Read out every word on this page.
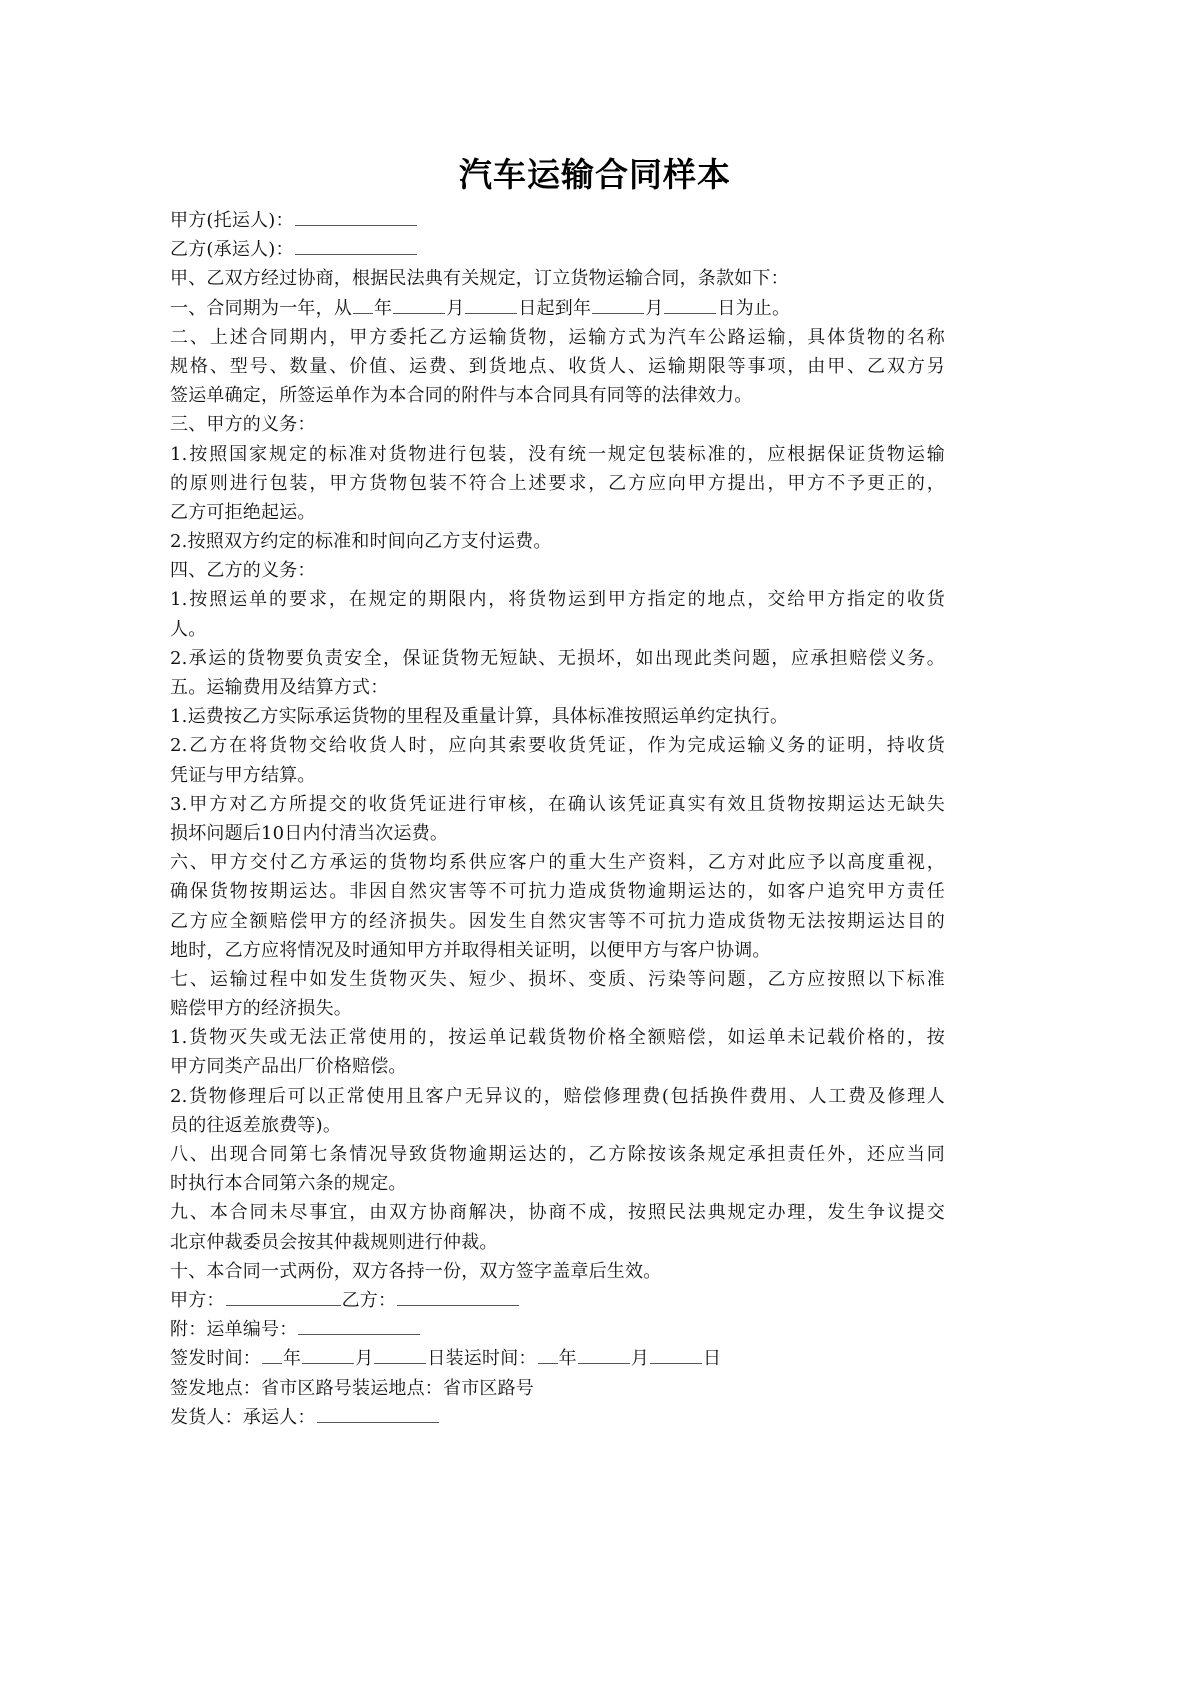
汽车运输合同样本
甲方(托运人)：
乙方(承运人)：
甲、乙双方经过协商，根据民法典有关规定，订立货物运输合同，条款如下：
一、合同期为一年，从 年	月	日起到年	月	日为止。
二、上述合同期内，甲方委托乙方运输货物，运输方式为汽车公路运输，具体货物的名称
规格、型号、数量、价值、运费、到货地点、收货人、运输期限等事项，由甲、乙双方另
签运单确定，所签运单作为本合同的附件与本合同具有同等的法律效力。
三、甲方的义务：
1.按照国家规定的标准对货物进行包装，没有统一规定包装标准的，应根据保证货物运输
的原则进行包装，甲方货物包装不符合上述要求，乙方应向甲方提出，甲方不予更正的，
乙方可拒绝起运。
2.按照双方约定的标准和时间向乙方支付运费。
四、乙方的义务：
1.按照运单的要求，在规定的期限内，将货物运到甲方指定的地点，交给甲方指定的收货
人。
2.承运的货物要负责安全，保证货物无短缺、无损坏，如出现此类问题，应承担赔偿义务。
五。运输费用及结算方式：
1.运费按乙方实际承运货物的里程及重量计算，具体标准按照运单约定执行。
2.乙方在将货物交给收货人时，应向其索要收货凭证，作为完成运输义务的证明，持收货
凭证与甲方结算。
3.甲方对乙方所提交的收货凭证进行审核，在确认该凭证真实有效且货物按期运达无缺失
损坏问题后10日内付清当次运费。
六、甲方交付乙方承运的货物均系供应客户的重大生产资料，乙方对此应予以高度重视，
确保货物按期运达。非因自然灾害等不可抗力造成货物逾期运达的，如客户追究甲方责任
乙方应全额赔偿甲方的经济损失。因发生自然灾害等不可抗力造成货物无法按期运达目的
地时，乙方应将情况及时通知甲方并取得相关证明，以便甲方与客户协调。
七、运输过程中如发生货物灭失、短少、损坏、变质、污染等问题，乙方应按照以下标准
赔偿甲方的经济损失。
1.货物灭失或无法正常使用的，按运单记载货物价格全额赔偿，如运单未记载价格的，按
甲方同类产品出厂价格赔偿。
2.货物修理后可以正常使用且客户无异议的，赔偿修理费(包括换件费用、人工费及修理人
员的往返差旅费等)。
八、出现合同第七条情况导致货物逾期运达的，乙方除按该条规定承担责任外，还应当同
时执行本合同第六条的规定。
九、本合同未尽事宜，由双方协商解决，协商不成，按照民法典规定办理，发生争议提交
北京仲裁委员会按其仲裁规则进行仲裁。
十、本合同一式两份，双方各持一份，双方签字盖章后生效。
甲方：	乙方：
附：运单编号：
签发时间： 年	月	日装运时间： 年	月	日
签发地点：省市区路号装运地点：省市区路号
发货人：承运人：
